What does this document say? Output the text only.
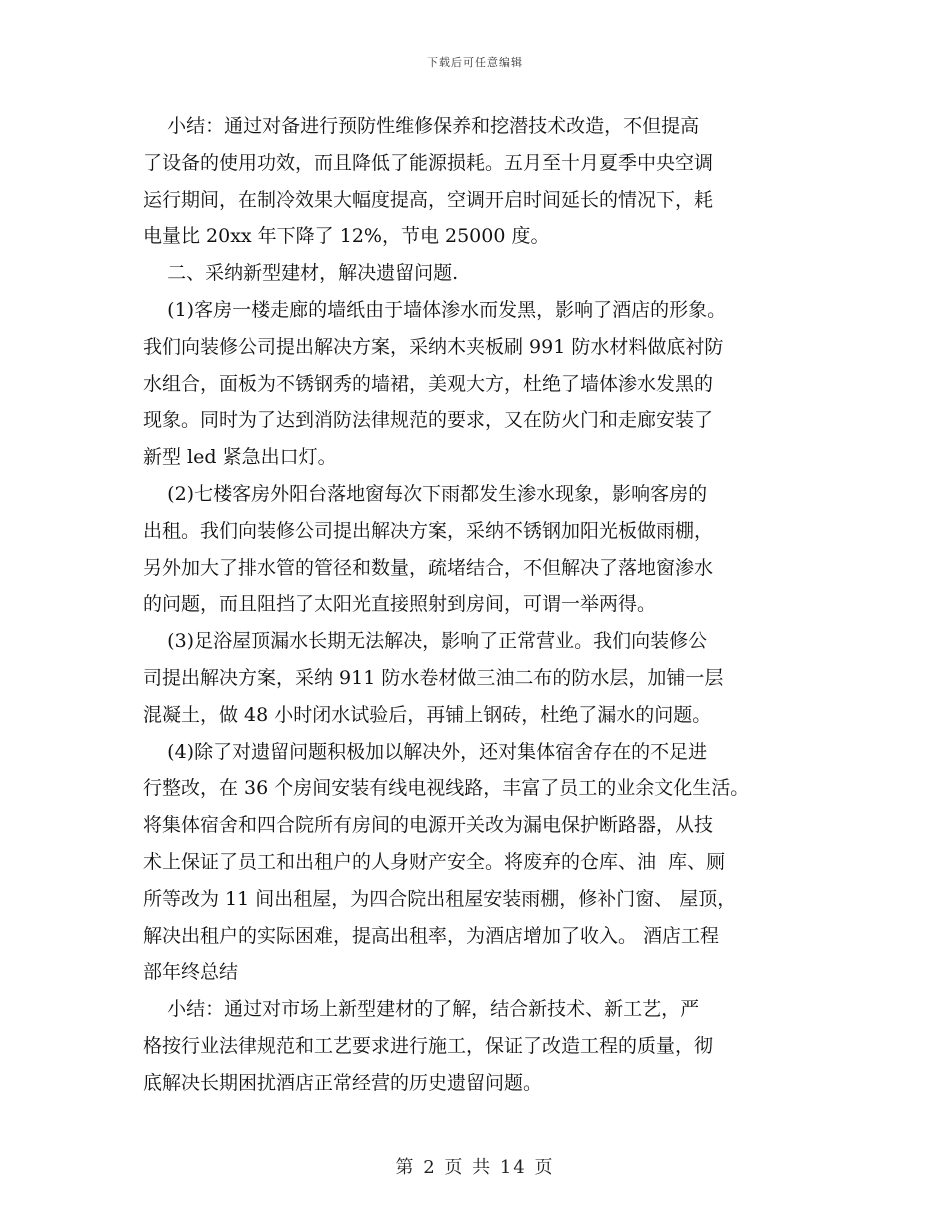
下载后可任意编辑

小结：通过对备进行预防性维修保养和挖潜技术改造，不但提高

了设备的使用功效，而且降低了能源损耗。五月至十月夏季中央空调

运行期间，在制冷效果大幅度提高，空调开启时间延长的情况下，耗

电量比 20xx 年下降了 12%，节电 25000 度。

二、采纳新型建材，解决遗留问题.

(1)客房一楼走廊的墙纸由于墙体渗水而发黑，影响了酒店的形象。

我们向装修公司提出解决方案，采纳木夹板刷 991 防水材料做底衬防

水组合，面板为不锈钢秀的墙裙，美观大方，杜绝了墙体渗水发黑的

现象。同时为了达到消防法律规范的要求，又在防火门和走廊安装了

新型 led 紧急出口灯。

(2)七楼客房外阳台落地窗每次下雨都发生渗水现象，影响客房的

出租。我们向装修公司提出解决方案，采纳不锈钢加阳光板做雨棚，

另外加大了排水管的管径和数量，疏堵结合，不但解决了落地窗渗水

的问题，而且阻挡了太阳光直接照射到房间，可谓一举两得。

(3)足浴屋顶漏水长期无法解决，影响了正常营业。我们向装修公

司提出解决方案，采纳 911 防水卷材做三油二布的防水层，加铺一层

混凝土，做 48 小时闭水试验后，再铺上钢砖，杜绝了漏水的问题。

(4)除了对遗留问题积极加以解决外，还对集体宿舍存在的不足进

行整改，在 36 个房间安装有线电视线路，丰富了员工的业余文化生活。

将集体宿舍和四合院所有房间的电源开关改为漏电保护断路器，从技

术上保证了员工和出租户的人身财产安全。将废弃的仓库、油  库、厕

所等改为 11 间出租屋，为四合院出租屋安装雨棚，修补门窗、 屋顶，

解决出租户的实际困难，提高出租率，为酒店增加了收入。 酒店工程

部年终总结

小结：通过对市场上新型建材的了解，结合新技术、新工艺，严

格按行业法律规范和工艺要求进行施工，保证了改造工程的质量，彻

底解决长期困扰酒店正常经营的历史遗留问题。

第 2 页 共 14 页
